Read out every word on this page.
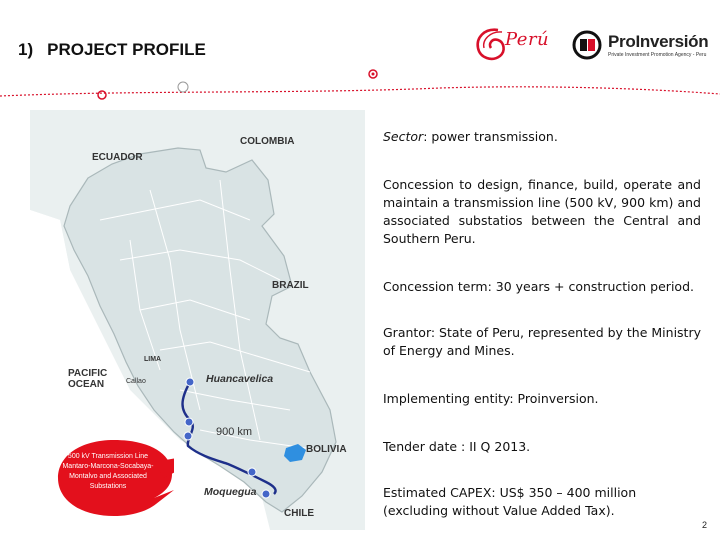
1) PROJECT PROFILE	Perú	ProInversión
Private Investment Promotion Agency - Peru
COLOMBIA
ECUADOR
BRAZIL
PACIFIC OCEAN
LIMA
Callao	Huancavelica
900 km
BOLIVIA
Moquegua
CHILE
500 kV Transmission Line Mantaro-Marcona-Socabaya-Montalvo and Associated Substations
Sector: power transmission.
Concession to design, finance, build, operate and maintain a transmission line (500 kV, 900 km) and associated substatios between the Central and Southern Peru.
Concession term: 30 years + construction period.
Grantor: State of Peru, represented by the Ministry of Energy and Mines.
Implementing entity: Proinversion.
Tender date : II Q 2013.
Estimated CAPEX: US$ 350 – 400 million (excluding without Value Added Tax).
2
